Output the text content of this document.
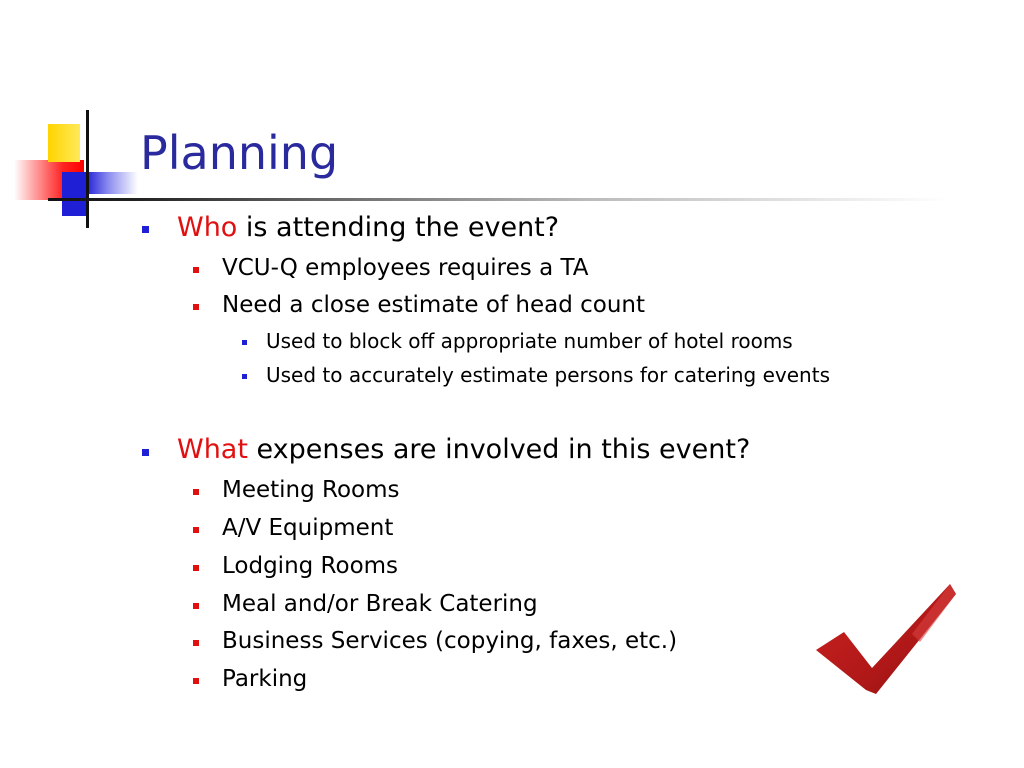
Planning
Who is attending the event?
VCU-Q employees requires a TA
Need a close estimate of head count
Used to block off appropriate number of hotel rooms
Used to accurately estimate persons for catering events
What expenses are involved in this event?
Meeting Rooms
A/V Equipment
Lodging Rooms
Meal and/or Break Catering
Business Services (copying, faxes, etc.)
Parking
